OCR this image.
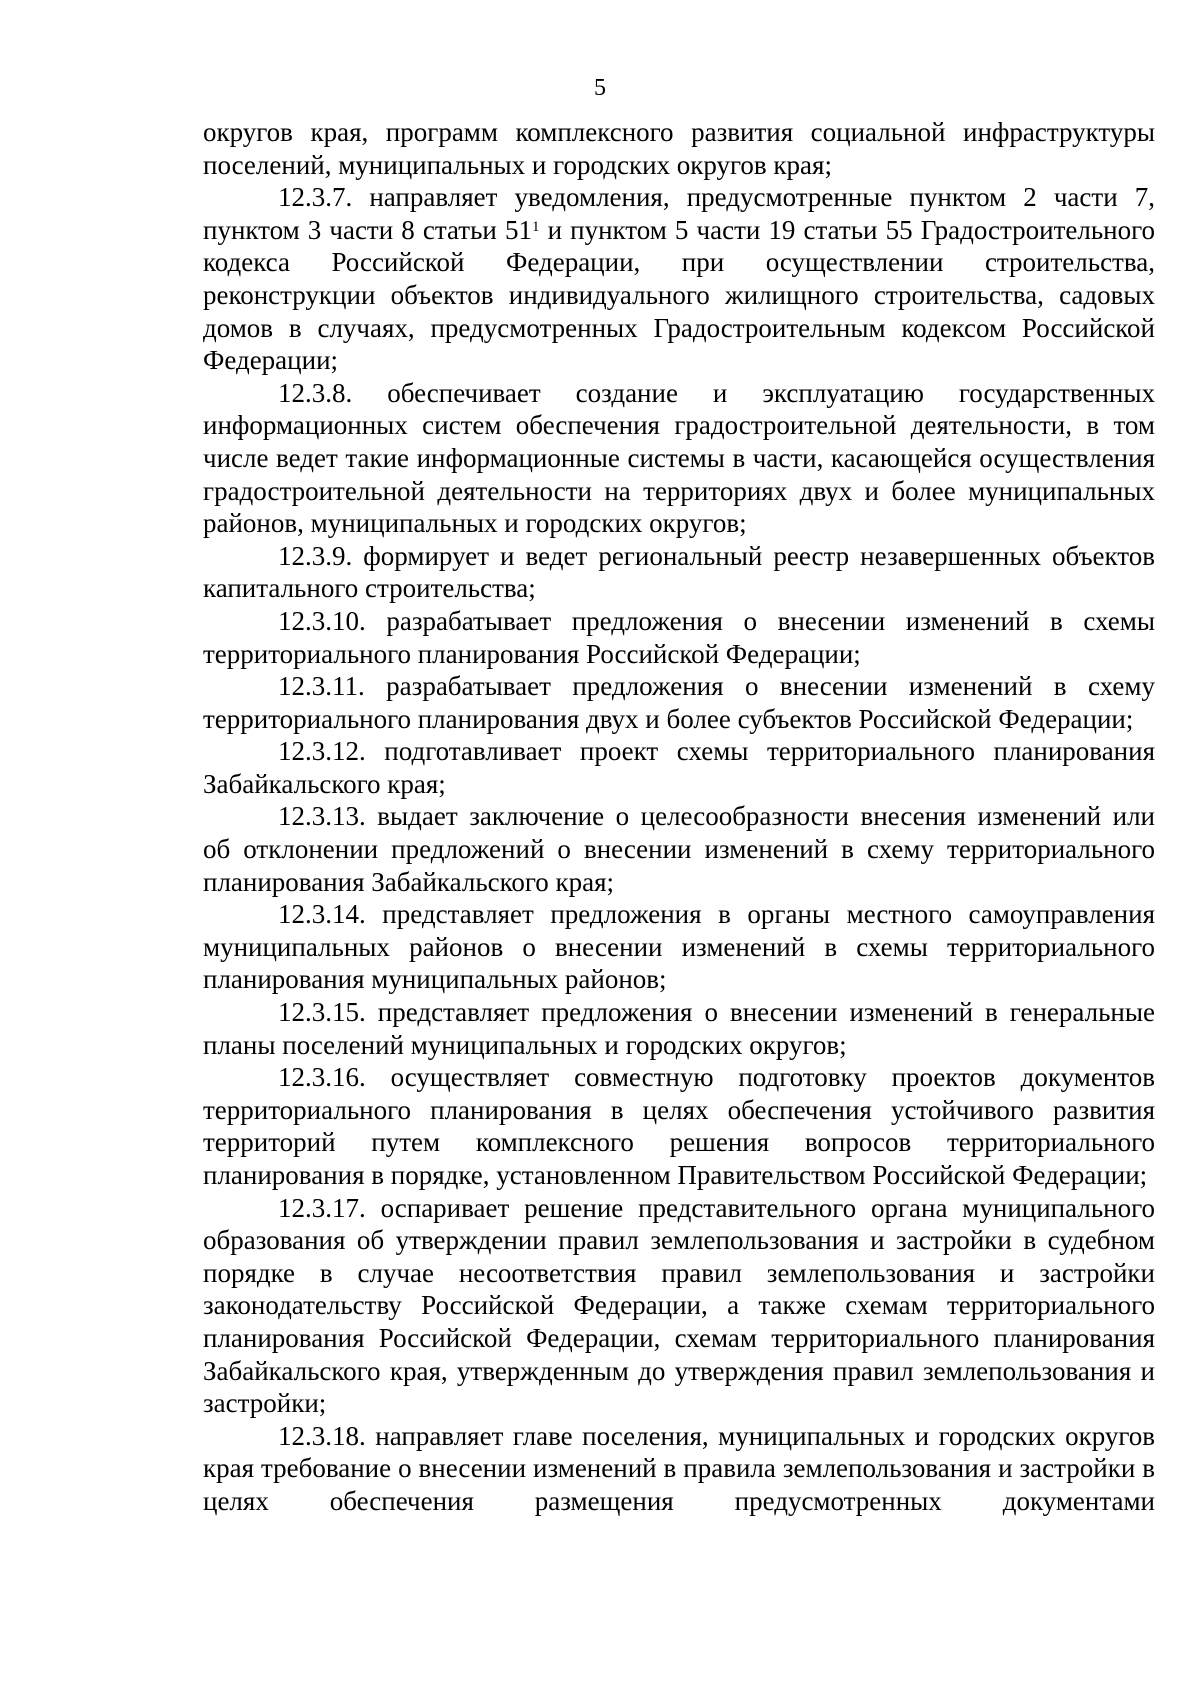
5

округов края, программ комплексного развития социальной инфраструктуры поселений, муниципальных и городских округов края;

12.3.7. направляет уведомления, предусмотренные пунктом 2 части 7, пунктом 3 части 8 статьи $51^1$ и пунктом 5 части 19 статьи 55 Градостроительного кодекса Российской Федерации, при осуществлении строительства, реконструкции объектов индивидуального жилищного строительства, садовых домов в случаях, предусмотренных Градостроительным кодексом Российской Федерации;

12.3.8. обеспечивает создание и эксплуатацию государственных информационных систем обеспечения градостроительной деятельности, в том числе ведет такие информационные системы в части, касающейся осуществления градостроительной деятельности на территориях двух и более муниципальных районов, муниципальных и городских округов;

12.3.9. формирует и ведет региональный реестр незавершенных объектов капитального строительства;

12.3.10. разрабатывает предложения о внесении изменений в схемы территориального планирования Российской Федерации;

12.3.11. разрабатывает предложения о внесении изменений в схему территориального планирования двух и более субъектов Российской Федерации;

12.3.12. подготавливает проект схемы территориального планирования Забайкальского края;

12.3.13. выдает заключение о целесообразности внесения изменений или об отклонении предложений о внесении изменений в схему территориального планирования Забайкальского края;

12.3.14. представляет предложения в органы местного самоуправления муниципальных районов о внесении изменений в схемы территориального планирования муниципальных районов;

12.3.15. представляет предложения о внесении изменений в генеральные планы поселений муниципальных и городских округов;

12.3.16. осуществляет совместную подготовку проектов документов территориального планирования в целях обеспечения устойчивого развития территорий путем комплексного решения вопросов территориального планирования в порядке, установленном Правительством Российской Федерации;

12.3.17. оспаривает решение представительного органа муниципального образования об утверждении правил землепользования и застройки в судебном порядке в случае несоответствия правил землепользования и застройки законодательству Российской Федерации, а также схемам территориального планирования Российской Федерации, схемам территориального планирования Забайкальского края, утвержденным до утверждения правил землепользования и застройки;

12.3.18. направляет главе поселения, муниципальных и городских округов края требование о внесении изменений в правила землепользования и застройки в целях обеспечения размещения предусмотренных документами
